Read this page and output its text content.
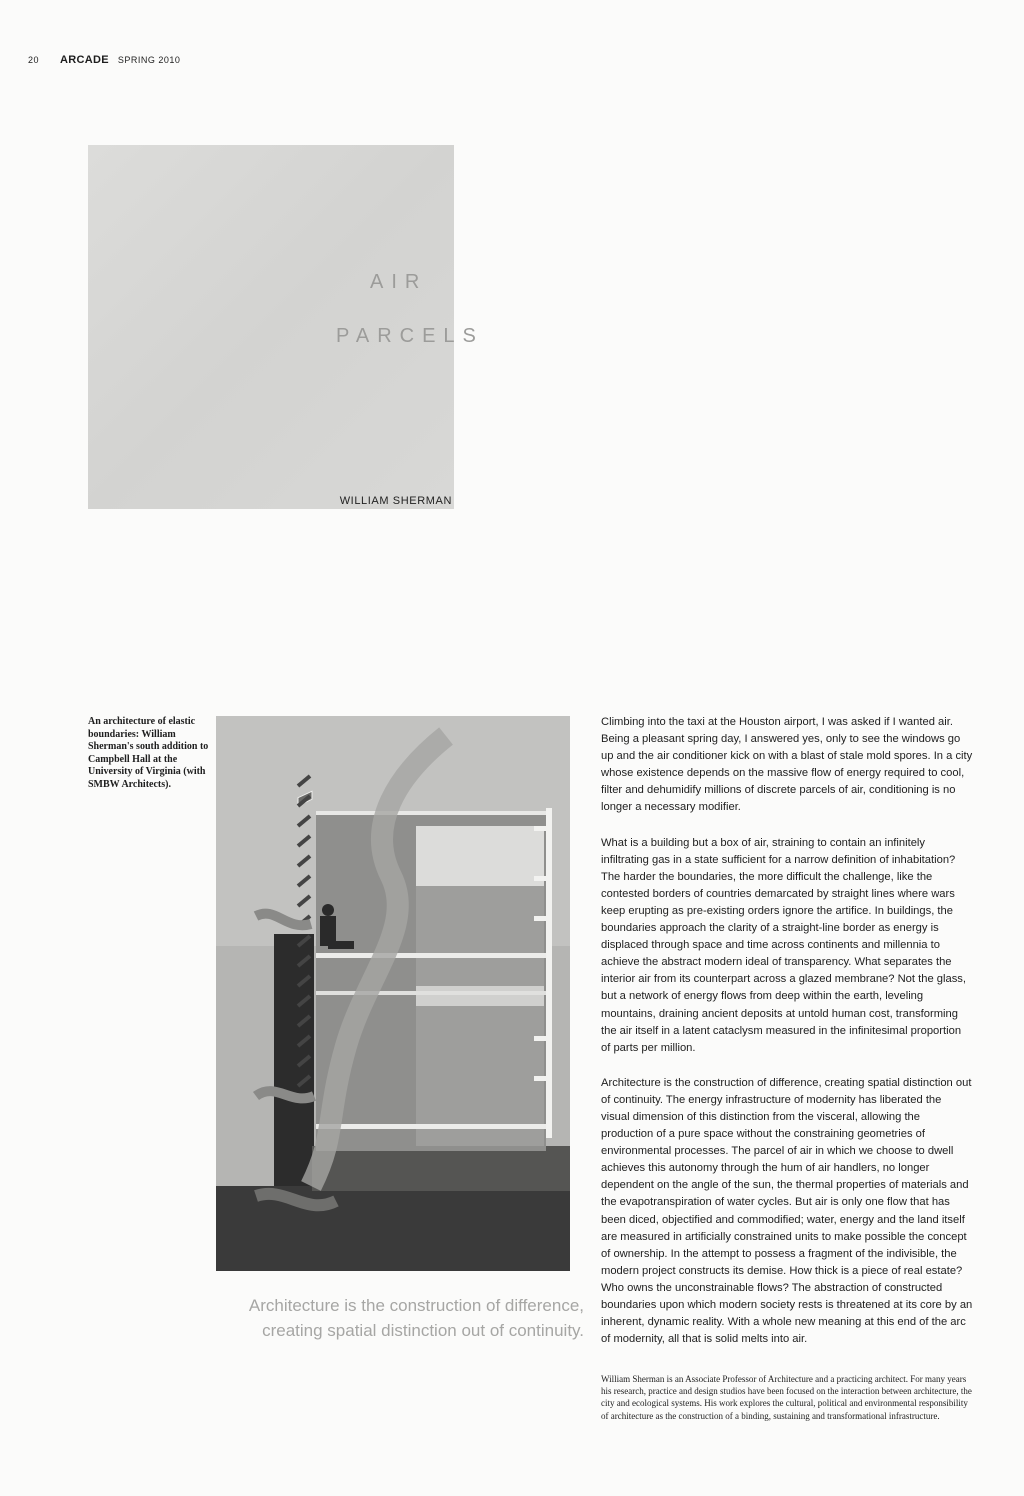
20 ARCADE SPRING 2010
AIR
PARCELS
WILLIAM SHERMAN
An architecture of elastic boundaries: William Sherman's south addition to Campbell Hall at the University of Virginia (with SMBW Architects).
Architecture is the construction of difference,
creating spatial distinction out of continuity.

Climbing into the taxi at the Houston airport, I was asked if I wanted air. Being a pleasant spring day, I answered yes, only to see the windows go up and the air conditioner kick on with a blast of stale mold spores. In a city whose existence depends on the massive flow of energy required to cool, filter and dehumidify millions of discrete parcels of air, conditioning is no longer a necessary modifier.

What is a building but a box of air, straining to contain an infinitely infiltrating gas in a state sufficient for a narrow definition of inhabitation? The harder the boundaries, the more difficult the challenge, like the contested borders of countries demarcated by straight lines where wars keep erupting as pre-existing orders ignore the artifice. In buildings, the boundaries approach the clarity of a straight-line border as energy is displaced through space and time across continents and millennia to achieve the abstract modern ideal of transparency. What separates the interior air from its counterpart across a glazed membrane? Not the glass, but a network of energy flows from deep within the earth, leveling mountains, draining ancient deposits at untold human cost, transforming the air itself in a latent cataclysm measured in the infinitesimal proportion of parts per million.

Architecture is the construction of difference, creating spatial distinction out of continuity. The energy infrastructure of modernity has liberated the visual dimension of this distinction from the visceral, allowing the production of a pure space without the constraining geometries of environmental processes. The parcel of air in which we choose to dwell achieves this autonomy through the hum of air handlers, no longer dependent on the angle of the sun, the thermal properties of materials and the evapotranspiration of water cycles. But air is only one flow that has been diced, objectified and commodified; water, energy and the land itself are measured in artificially constrained units to make possible the concept of ownership. In the attempt to possess a fragment of the indivisible, the modern project constructs its demise. How thick is a piece of real estate? Who owns the unconstrainable flows? The abstraction of constructed boundaries upon which modern society rests is threatened at its core by an inherent, dynamic reality. With a whole new meaning at this end of the arc of modernity, all that is solid melts into air.

William Sherman is an Associate Professor of Architecture and a practicing architect. For many years his research, practice and design studios have been focused on the interaction between architecture, the city and ecological systems. His work explores the cultural, political and environmental responsibility of architecture as the construction of a binding, sustaining and transformational infrastructure.
